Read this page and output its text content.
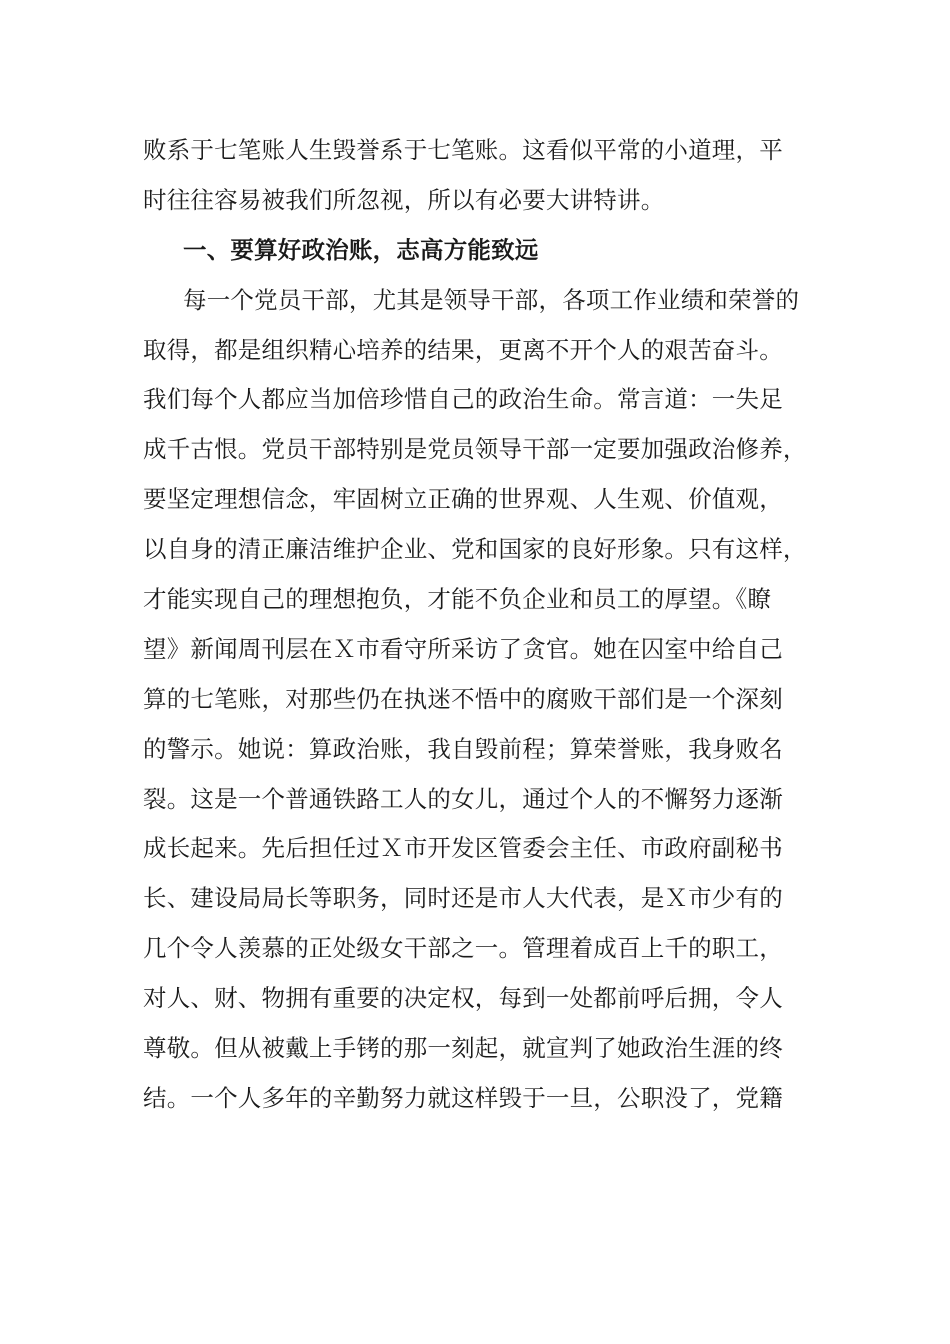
败系于七笔账人生毁誉系于七笔账。这看似平常的小道理，平
时往往容易被我们所忽视，所以有必要大讲特讲。
一、要算好政治账，志高方能致远
每一个党员干部，尤其是领导干部，各项工作业绩和荣誉的
取得，都是组织精心培养的结果，更离不开个人的艰苦奋斗。
我们每个人都应当加倍珍惜自己的政治生命。常言道：一失足
成千古恨。党员干部特别是党员领导干部一定要加强政治修养，
要坚定理想信念，牢固树立正确的世界观、人生观、价值观，
以自身的清正廉洁维护企业、党和国家的良好形象。只有这样，
才能实现自己的理想抱负，才能不负企业和员工的厚望。《瞭
望》新闻周刊层在Ｘ市看守所采访了贪官。她在囚室中给自己
算的七笔账，对那些仍在执迷不悟中的腐败干部们是一个深刻
的警示。她说：算政治账，我自毁前程；算荣誉账，我身败名
裂。这是一个普通铁路工人的女儿，通过个人的不懈努力逐渐
成长起来。先后担任过Ｘ市开发区管委会主任、市政府副秘书
长、建设局局长等职务，同时还是市人大代表，是Ｘ市少有的
几个令人羡慕的正处级女干部之一。管理着成百上千的职工，
对人、财、物拥有重要的决定权，每到一处都前呼后拥，令人
尊敬。但从被戴上手铐的那一刻起，就宣判了她政治生涯的终
结。一个人多年的辛勤努力就这样毁于一旦，公职没了，党籍
